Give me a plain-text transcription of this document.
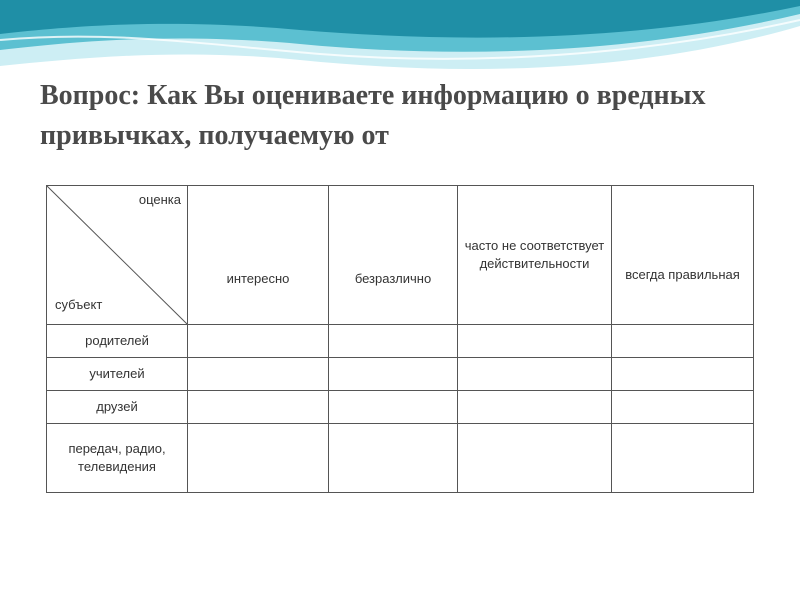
Вопрос: Как Вы оцениваете информацию о вредных привычках, получаемую от
оценка
субъект	интересно	безразлично	часто не соответствует действительности	всегда правильная
родителей				
учителей				
друзей				
передач, радио, телевидения				
